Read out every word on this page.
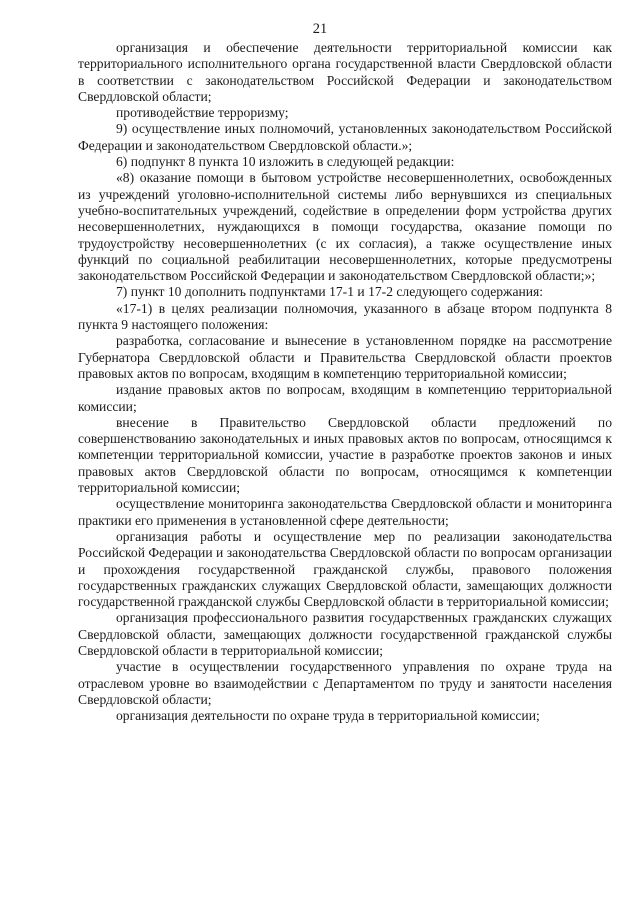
21

организация и обеспечение деятельности территориальной комиссии как территориального исполнительного органа государственной власти Свердловской области в соответствии с законодательством Российской Федерации и законодательством Свердловской области;

противодействие терроризму;

9) осуществление иных полномочий, установленных законодательством Российской Федерации и законодательством Свердловской области.»;

6) подпункт 8 пункта 10 изложить в следующей редакции:

«8) оказание помощи в бытовом устройстве несовершеннолетних, освобожденных из учреждений уголовно-исполнительной системы либо вернувшихся из специальных учебно-воспитательных учреждений, содействие в определении форм устройства других несовершеннолетних, нуждающихся в помощи государства, оказание помощи по трудоустройству несовершеннолетних (с их согласия), а также осуществление иных функций по социальной реабилитации несовершеннолетних, которые предусмотрены законодательством Российской Федерации и законодательством Свердловской области;»;

7) пункт 10 дополнить подпунктами 17-1 и 17-2 следующего содержания:

«17-1) в целях реализации полномочия, указанного в абзаце втором подпункта 8 пункта 9 настоящего положения:

разработка, согласование и вынесение в установленном порядке на рассмотрение Губернатора Свердловской области и Правительства Свердловской области проектов правовых актов по вопросам, входящим в компетенцию территориальной комиссии;

издание правовых актов по вопросам, входящим в компетенцию территориальной комиссии;

внесение в Правительство Свердловской области предложений по совершенствованию законодательных и иных правовых актов по вопросам, относящимся к компетенции территориальной комиссии, участие в разработке проектов законов и иных правовых актов Свердловской области по вопросам, относящимся к компетенции территориальной комиссии;

осуществление мониторинга законодательства Свердловской области и мониторинга практики его применения в установленной сфере деятельности;

организация работы и осуществление мер по реализации законодательства Российской Федерации и законодательства Свердловской области по вопросам организации и прохождения государственной гражданской службы, правового положения государственных гражданских служащих Свердловской области, замещающих должности государственной гражданской службы Свердловской области в территориальной комиссии;

организация профессионального развития государственных гражданских служащих Свердловской области, замещающих должности государственной гражданской службы Свердловской области в территориальной комиссии;

участие в осуществлении государственного управления по охране труда на отраслевом уровне во взаимодействии с Департаментом по труду и занятости населения Свердловской области;

организация деятельности по охране труда в территориальной комиссии;
